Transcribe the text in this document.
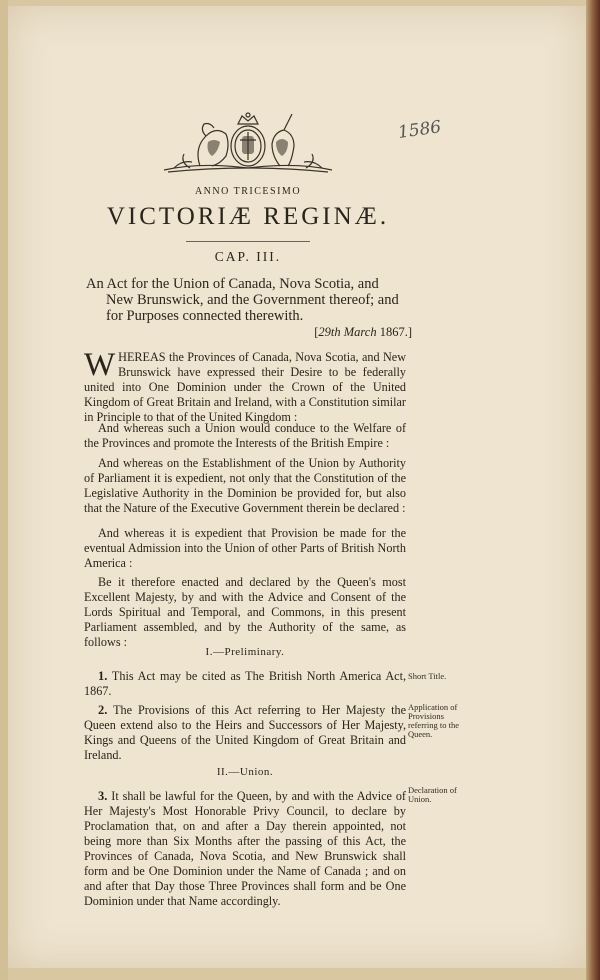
1586
ANNO TRICESIMO
VICTORIÆ REGINÆ.
CAP. III.
An Act for the Union of Canada, Nova Scotia, and
New Brunswick, and the Government thereof; and
for Purposes connected therewith.
[29th March 1867.]
WHEREAS the Provinces of Canada, Nova Scotia, and New Brunswick have expressed their Desire to be federally united into One Dominion under the Crown of the United Kingdom of Great Britain and Ireland, with a Constitution similar in Principle to that of the United Kingdom :
And whereas such a Union would conduce to the Welfare of the Provinces and promote the Interests of the British Empire :
And whereas on the Establishment of the Union by Authority of Parliament it is expedient, not only that the Constitution of the Legislative Authority in the Dominion be provided for, but also that the Nature of the Executive Government therein be declared :
And whereas it is expedient that Provision be made for the eventual Admission into the Union of other Parts of British North America :
Be it therefore enacted and declared by the Queen's most Excellent Majesty, by and with the Advice and Consent of the Lords Spiritual and Temporal, and Commons, in this present Parliament assembled, and by the Authority of the same, as follows :
I.—Preliminary.
1. This Act may be cited as The British North America Act, 1867.
Short Title.
2. The Provisions of this Act referring to Her Majesty the Queen extend also to the Heirs and Successors of Her Majesty, Kings and Queens of the United Kingdom of Great Britain and Ireland.
Application of Provisions referring to the Queen.
II.—Union.
3. It shall be lawful for the Queen, by and with the Advice of Her Majesty's Most Honorable Privy Council, to declare by Proclamation that, on and after a Day therein appointed, not being more than Six Months after the passing of this Act, the Provinces of Canada, Nova Scotia, and New Brunswick shall form and be One Dominion under the Name of Canada ; and on and after that Day those Three Provinces shall form and be One Dominion under that Name accordingly.
Declaration of Union.
